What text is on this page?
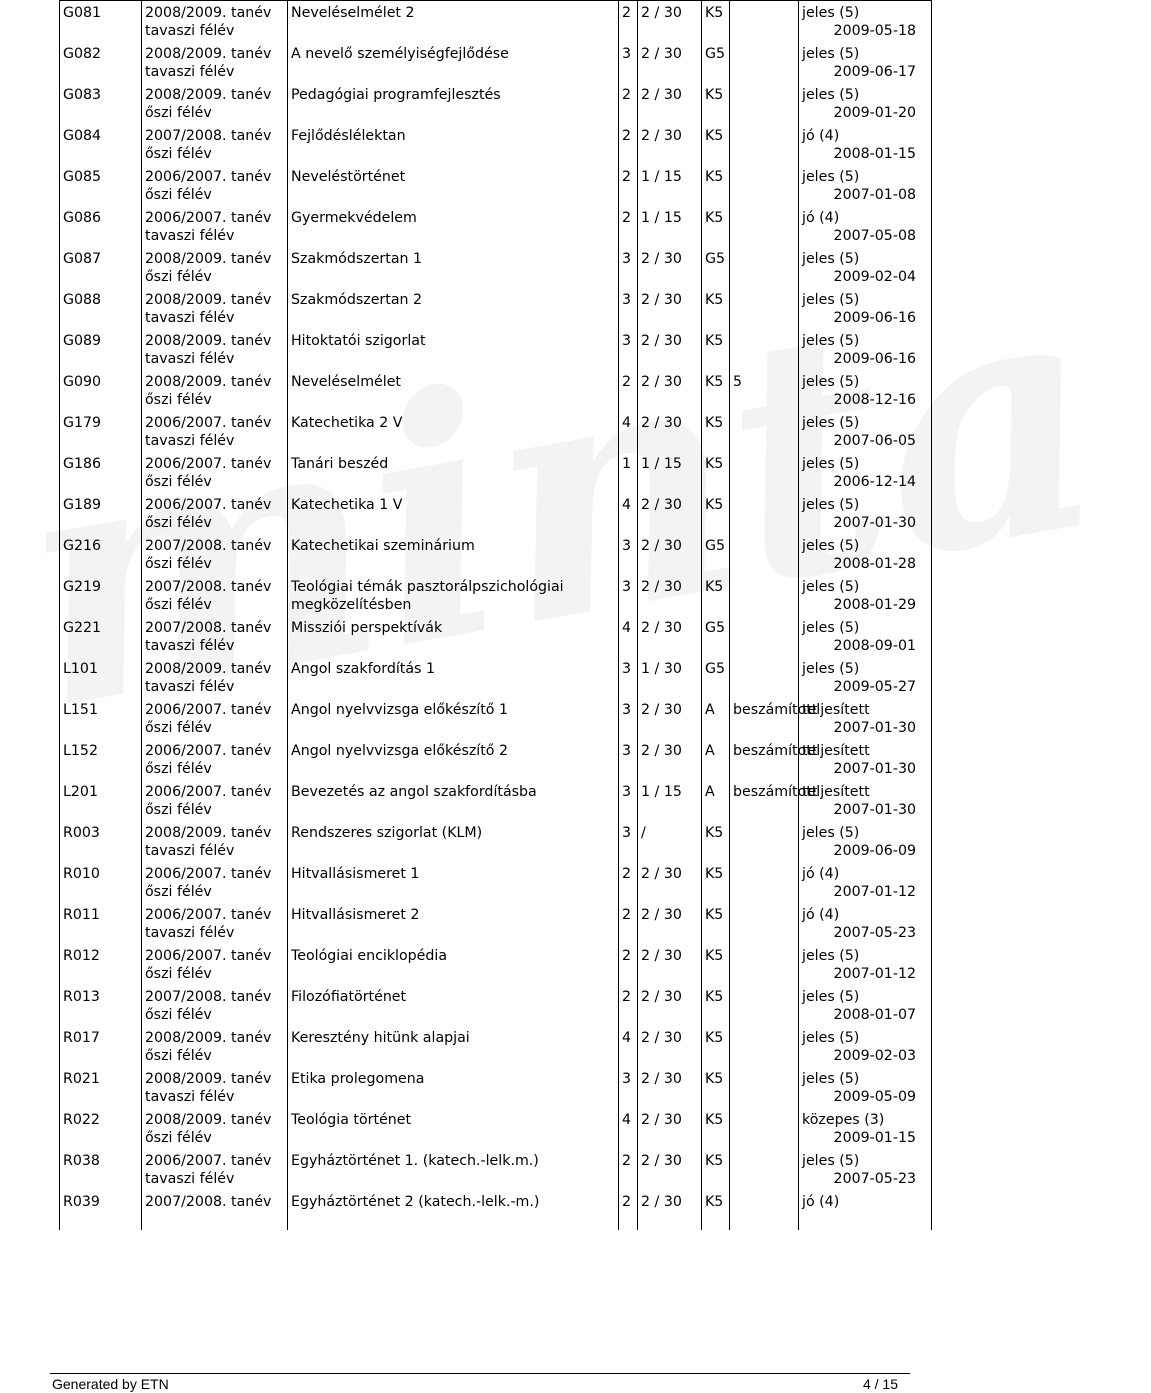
G081	2008/2009. tanév
tavaszi félév	Neveléselmélet 2	2	2 / 30	K5		jeles (5)
2009-05-18

G082	2008/2009. tanév
tavaszi félév	A nevelő személyiségfejlődése	3	2 / 30	G5		jeles (5)
2009-06-17

G083	2008/2009. tanév
őszi félév	Pedagógiai programfejlesztés	2	2 / 30	K5		jeles (5)
2009-01-20

G084	2007/2008. tanév
őszi félév	Fejlődéslélektan	2	2 / 30	K5		jó (4)
2008-01-15

G085	2006/2007. tanév
őszi félév	Neveléstörténet	2	1 / 15	K5		jeles (5)
2007-01-08

G086	2006/2007. tanév
tavaszi félév	Gyermekvédelem	2	1 / 15	K5		jó (4)
2007-05-08

G087	2008/2009. tanév
őszi félév	Szakmódszertan 1	3	2 / 30	G5		jeles (5)
2009-02-04

G088	2008/2009. tanév
tavaszi félév	Szakmódszertan 2	3	2 / 30	K5		jeles (5)
2009-06-16

G089	2008/2009. tanév
tavaszi félév	Hitoktatói szigorlat	3	2 / 30	K5		jeles (5)
2009-06-16

G090	2008/2009. tanév
őszi félév	Neveléselmélet	2	2 / 30	K5	5	jeles (5)
2008-12-16

G179	2006/2007. tanév
tavaszi félév	Katechetika 2 V	4	2 / 30	K5		jeles (5)
2007-06-05

G186	2006/2007. tanév
őszi félév	Tanári beszéd	1	1 / 15	K5		jeles (5)
2006-12-14

G189	2006/2007. tanév
őszi félév	Katechetika 1 V	4	2 / 30	K5		jeles (5)
2007-01-30

G216	2007/2008. tanév
őszi félév	Katechetikai szeminárium	3	2 / 30	G5		jeles (5)
2008-01-28

G219	2007/2008. tanév
őszi félév	Teológiai témák pasztorálpszichológiai megközelítésben	3	2 / 30	K5		jeles (5)
2008-01-29

G221	2007/2008. tanév
tavaszi félév	Missziói perspektívák	4	2 / 30	G5		jeles (5)
2008-09-01

L101	2008/2009. tanév
tavaszi félév	Angol szakfordítás 1	3	1 / 30	G5		jeles (5)
2009-05-27

L151	2006/2007. tanév
őszi félév	Angol nyelvvizsga előkészítő 1	3	2 / 30	A	beszámított	teljesített
2007-01-30

L152	2006/2007. tanév
őszi félév	Angol nyelvvizsga előkészítő 2	3	2 / 30	A	beszámított	teljesített
2007-01-30

L201	2006/2007. tanév
őszi félév	Bevezetés az angol szakfordításba	3	1 / 15	A	beszámított	teljesített
2007-01-30

R003	2008/2009. tanév
tavaszi félév	Rendszeres szigorlat (KLM)	3	/	K5		jeles (5)
2009-06-09

R010	2006/2007. tanév
őszi félév	Hitvallásismeret 1	2	2 / 30	K5		jó (4)
2007-01-12

R011	2006/2007. tanév
tavaszi félév	Hitvallásismeret 2	2	2 / 30	K5		jó (4)
2007-05-23

R012	2006/2007. tanév
őszi félév	Teológiai enciklopédia	2	2 / 30	K5		jeles (5)
2007-01-12

R013	2007/2008. tanév
őszi félév	Filozófiatörténet	2	2 / 30	K5		jeles (5)
2008-01-07

R017	2008/2009. tanév
őszi félév	Keresztény hitünk alapjai	4	2 / 30	K5		jeles (5)
2009-02-03

R021	2008/2009. tanév
tavaszi félév	Etika prolegomena	3	2 / 30	K5		jeles (5)
2009-05-09

R022	2008/2009. tanév
őszi félév	Teológia történet	4	2 / 30	K5		közepes (3)
2009-01-15

R038	2006/2007. tanév
tavaszi félév	Egyháztörténet 1. (katech.-lelk.m.)	2	2 / 30	K5		jeles (5)
2007-05-23

R039	2007/2008. tanév	Egyháztörténet 2 (katech.-lelk.-m.)	2	2 / 30	K5		jó (4)
Generated by ETN	4 / 15
